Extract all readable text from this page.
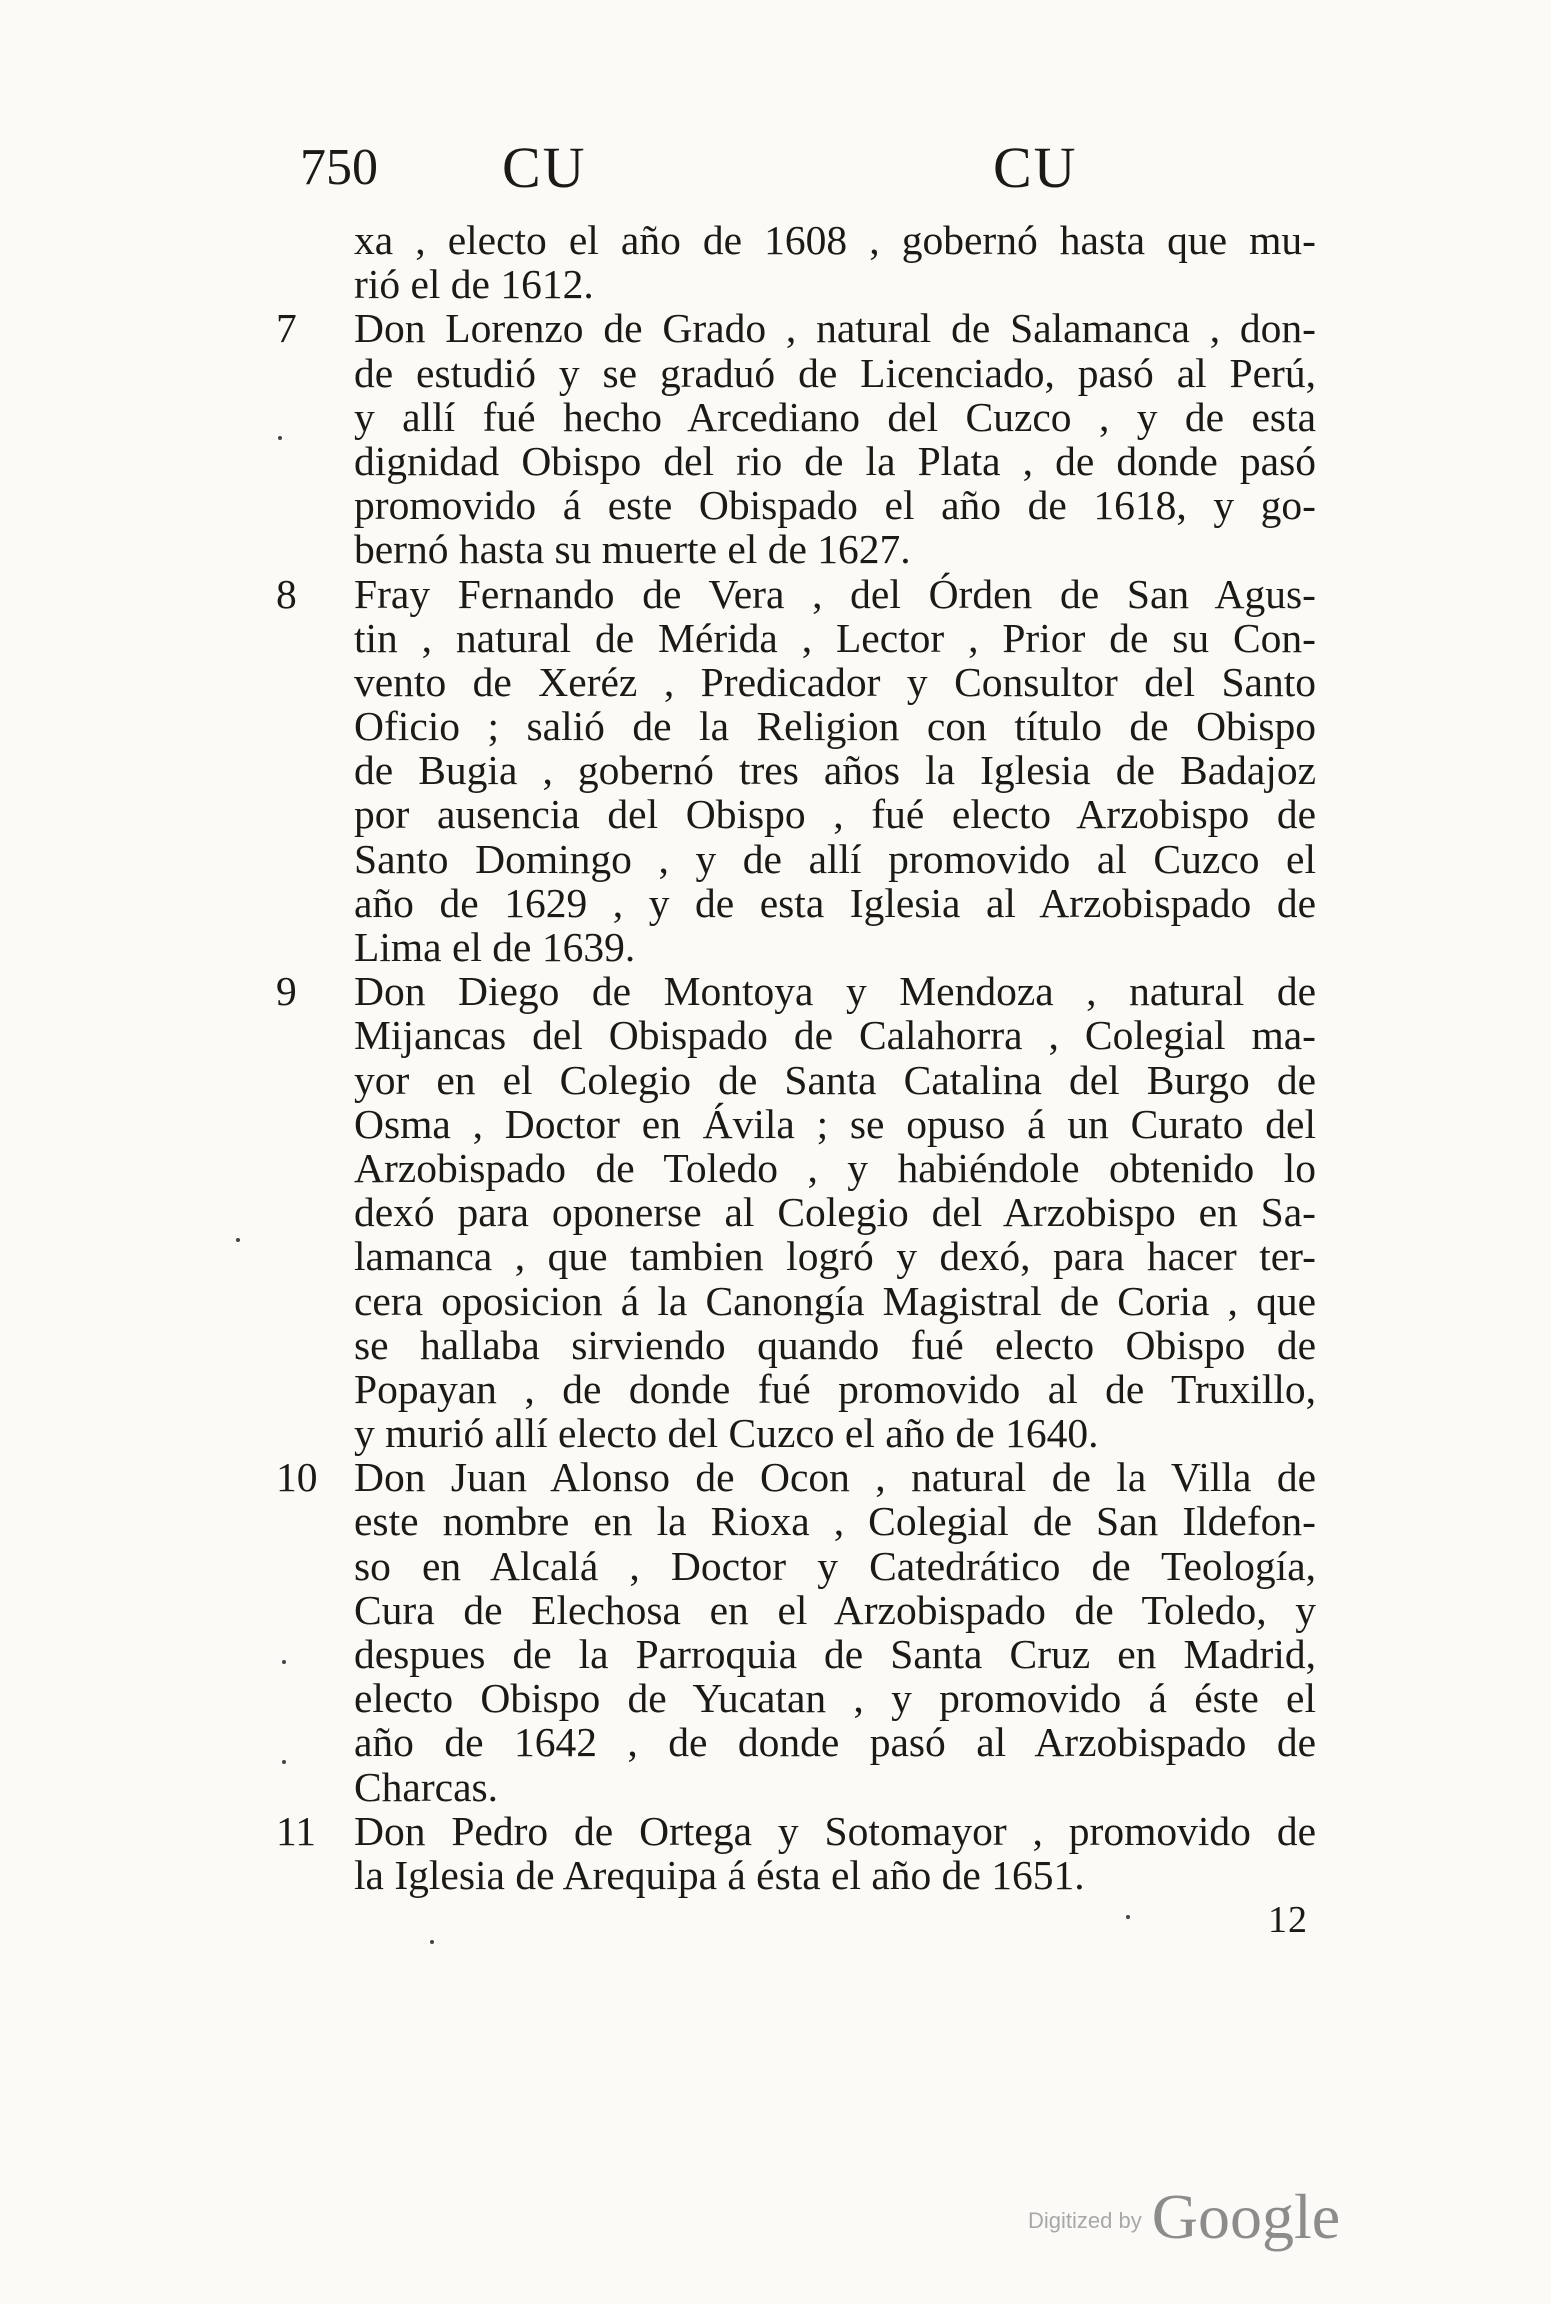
750 CU	CU
xa , electo el año de 1608 , gobernó hasta que mu-
rió el de 1612.
7	Don Lorenzo de Grado , natural de Salamanca , don-
de estudió y se graduó de Licenciado, pasó al Perú,
y allí fué hecho Arcediano del Cuzco , y de esta
dignidad Obispo del rio de la Plata , de donde pasó
promovido á este Obispado el año de 1618, y go-
bernó hasta su muerte el de 1627.
8	Fray Fernando de Vera , del Órden de San Agus-
tin , natural de Mérida , Lector , Prior de su Con-
vento de Xeréz , Predicador y Consultor del Santo
Oficio ; salió de la Religion con título de Obispo
de Bugia , gobernó tres años la Iglesia de Badajoz
por ausencia del Obispo , fué electo Arzobispo de
Santo Domingo , y de allí promovido al Cuzco el
año de 1629 , y de esta Iglesia al Arzobispado de
Lima el de 1639.
9	Don Diego de Montoya y Mendoza , natural de
Mijancas del Obispado de Calahorra , Colegial ma-
yor en el Colegio de Santa Catalina del Burgo de
Osma , Doctor en Ávila ; se opuso á un Curato del
Arzobispado de Toledo , y habiéndole obtenido lo
dexó para oponerse al Colegio del Arzobispo en Sa-
lamanca , que tambien logró y dexó, para hacer ter-
cera oposicion á la Canongía Magistral de Coria , que
se hallaba sirviendo quando fué electo Obispo de
Popayan , de donde fué promovido al de Truxillo,
y murió allí electo del Cuzco el año de 1640.
10 Don Juan Alonso de Ocon , natural de la Villa de
este nombre en la Rioxa , Colegial de San Ildefon-
so en Alcalá , Doctor y Catedrático de Teología,
Cura de Elechosa en el Arzobispado de Toledo, y
despues de la Parroquia de Santa Cruz en Madrid,
electo Obispo de Yucatan , y promovido á éste el
año de 1642 , de donde pasó al Arzobispado de
Charcas.
11 Don Pedro de Ortega y Sotomayor , promovido de
la Iglesia de Arequipa á ésta el año de 1651.
12
Digitized by Google
